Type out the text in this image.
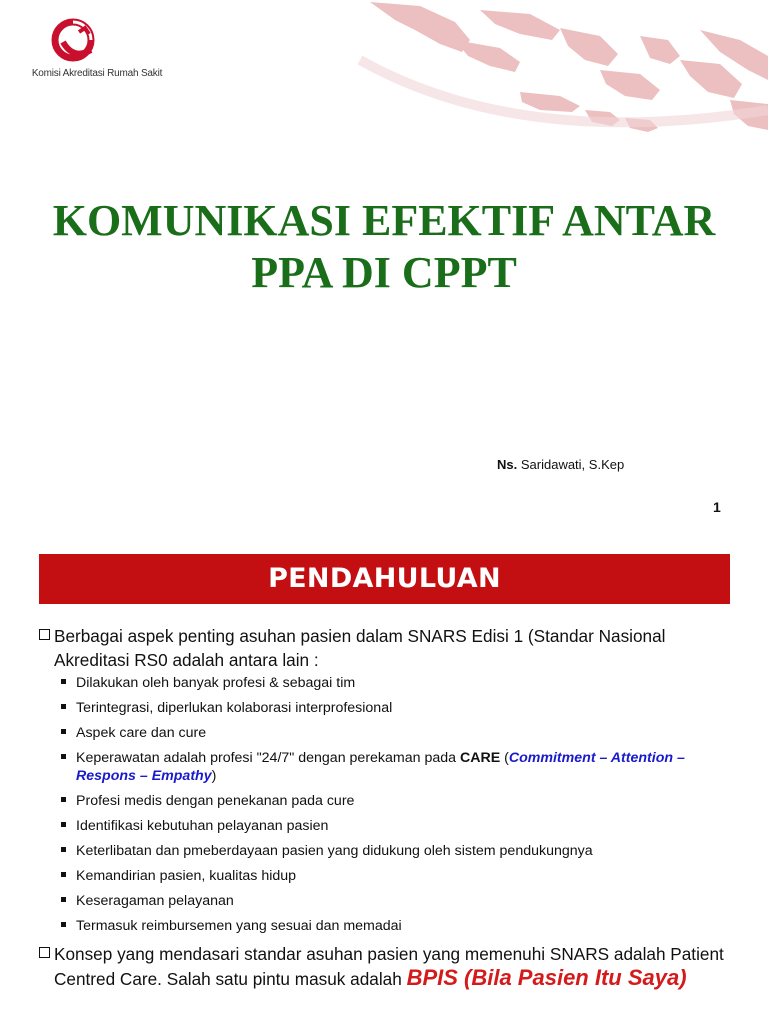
Komisi Akreditasi Rumah Sakit
KOMUNIKASI EFEKTIF ANTAR
PPA DI CPPT
Ns. Saridawati, S.Kep
1
PENDAHULUAN

Berbagai aspek penting asuhan pasien dalam SNARS Edisi 1 (Standar Nasional
Akreditasi RS0 adalah antara lain :

Dilakukan oleh banyak profesi & sebagai tim
Terintegrasi, diperlukan kolaborasi interprofesional
Aspek care dan cure
Keperawatan adalah profesi "24/7" dengan perekaman pada CARE (Commitment – Attention –
Respons – Empathy)
Profesi medis dengan penekanan pada cure
Identifikasi kebutuhan pelayanan pasien
Keterlibatan dan pmeberdayaan pasien yang didukung oleh sistem pendukungnya
Kemandirian pasien, kualitas hidup
Keseragaman pelayanan
Termasuk reimbursemen yang sesuai dan memadai

Konsep yang mendasari standar asuhan pasien yang memenuhi SNARS adalah Patient
Centred Care. Salah satu pintu masuk adalah BPIS (Bila Pasien Itu Saya)
